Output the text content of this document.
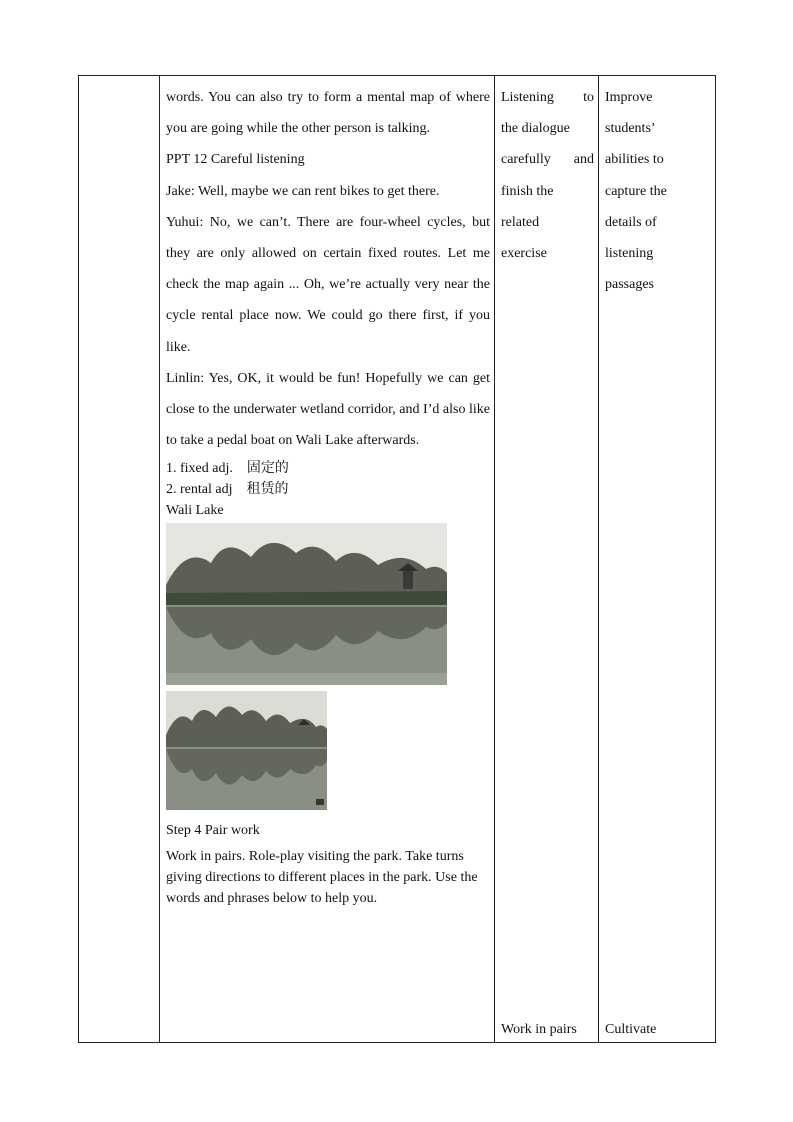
words. You can also try to form a mental map of where you are going while the other person is talking.
PPT 12 Careful listening
Jake: Well, maybe we can rent bikes to get there.
Yuhui: No, we can’t. There are four-wheel cycles, but they are only allowed on certain fixed routes. Let me check the map again ... Oh, we’re actually very near the cycle rental place now. We could go there first, if you like.
Linlin: Yes, OK, it would be fun! Hopefully we can get close to the underwater wetland corridor, and I’d also like to take a pedal boat on Wali Lake afterwards.
1. fixed adj. 固定的
2. rental adj 租赁的
Wali Lake
Step 4 Pair work
Work in pairs. Role-play visiting the park. Take turns giving directions to different places in the park. Use the words and phrases below to help you.
Listening to
the dialogue
carefully and
finish the
related
exercise
Work in pairs
Improve
students’
abilities to
capture the
details of
listening
passages
Cultivate
